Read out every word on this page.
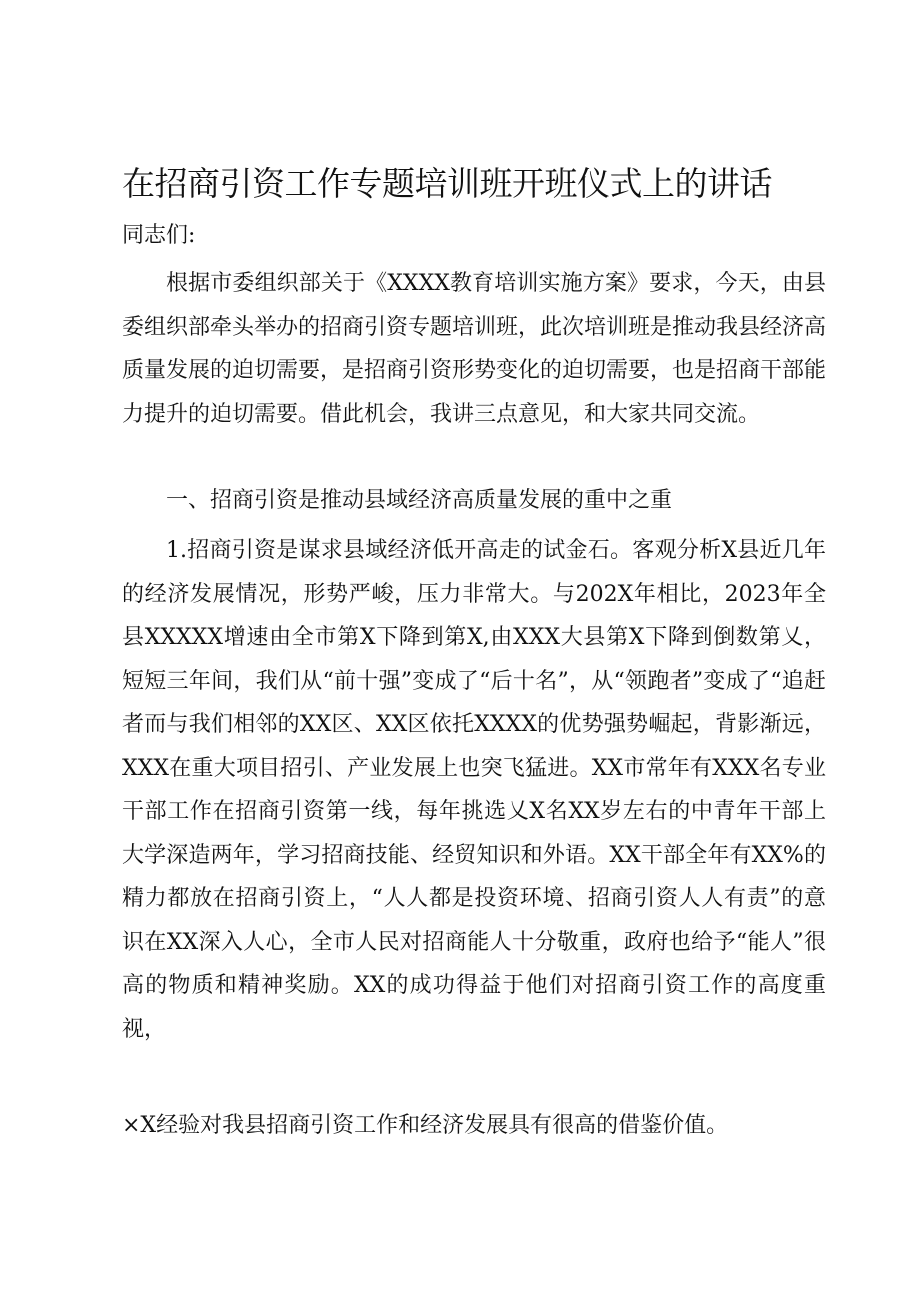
在招商引资工作专题培训班开班仪式上的讲话
同志们:
根据市委组织部关于《XXXX教育培训实施方案》要求，今天，由县委组织部牵头举办的招商引资专题培训班，此次培训班是推动我县经济高质量发展的迫切需要，是招商引资形势变化的迫切需要，也是招商干部能力提升的迫切需要。借此机会，我讲三点意见，和大家共同交流。
一、招商引资是推动县域经济高质量发展的重中之重
1.招商引资是谋求县域经济低开高走的试金石。客观分析X县近几年的经济发展情况，形势严峻，压力非常大。与202X年相比，2023年全县XXXXX增速由全市第X下降到第X,由XXX大县第X下降到倒数第乂，短短三年间，我们从“前十强”变成了“后十名”，从“领跑者”变成了“追赶者而与我们相邻的XX区、XX区依托XXXX的优势强势崛起，背影渐远，XXX在重大项目招引、产业发展上也突飞猛进。XX市常年有XXX名专业干部工作在招商引资第一线，每年挑选乂X名XX岁左右的中青年干部上大学深造两年，学习招商技能、经贸知识和外语。XX干部全年有XX%的精力都放在招商引资上，“人人都是投资环境、招商引资人人有责”的意识在XX深入人心，全市人民对招商能人十分敬重，政府也给予“能人”很高的物质和精神奖励。XX的成功得益于他们对招商引资工作的高度重视，
×X经验对我县招商引资工作和经济发展具有很高的借鉴价值。
